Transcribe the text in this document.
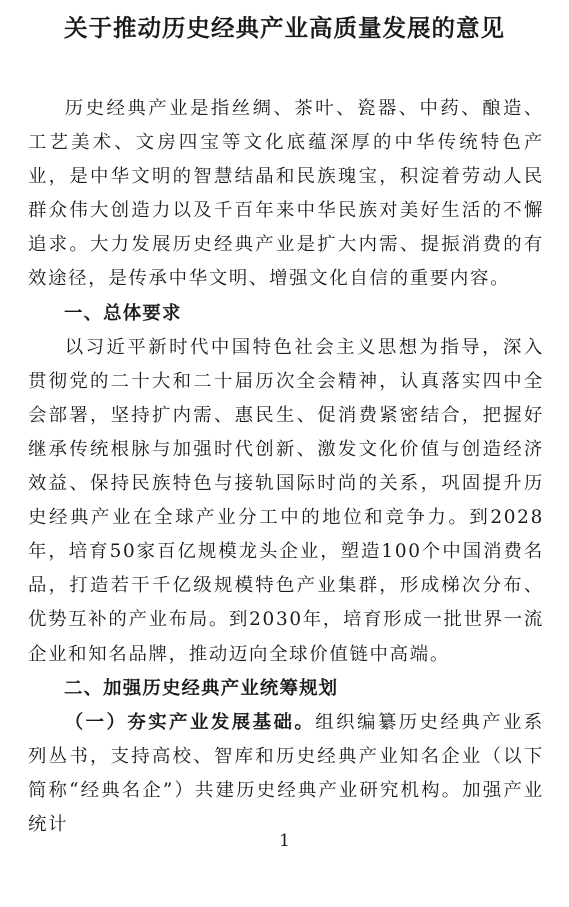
关于推动历史经典产业高质量发展的意见

历史经典产业是指丝绸、茶叶、瓷器、中药、酿造、工艺美术、文房四宝等文化底蕴深厚的中华传统特色产业，是中华文明的智慧结晶和民族瑰宝，积淀着劳动人民群众伟大创造力以及千百年来中华民族对美好生活的不懈追求。大力发展历史经典产业是扩大内需、提振消费的有效途径，是传承中华文明、增强文化自信的重要内容。

一、总体要求

以习近平新时代中国特色社会主义思想为指导，深入贯彻党的二十大和二十届历次全会精神，认真落实四中全会部署，坚持扩内需、惠民生、促消费紧密结合，把握好继承传统根脉与加强时代创新、激发文化价值与创造经济效益、保持民族特色与接轨国际时尚的关系，巩固提升历史经典产业在全球产业分工中的地位和竞争力。到2028年，培育50家百亿规模龙头企业，塑造100个中国消费名品，打造若干千亿级规模特色产业集群，形成梯次分布、优势互补的产业布局。到2030年，培育形成一批世界一流企业和知名品牌，推动迈向全球价值链中高端。

二、加强历史经典产业统筹规划

（一）夯实产业发展基础。组织编纂历史经典产业系列丛书，支持高校、智库和历史经典产业知名企业（以下简称“经典名企”）共建历史经典产业研究机构。加强产业统计

1
